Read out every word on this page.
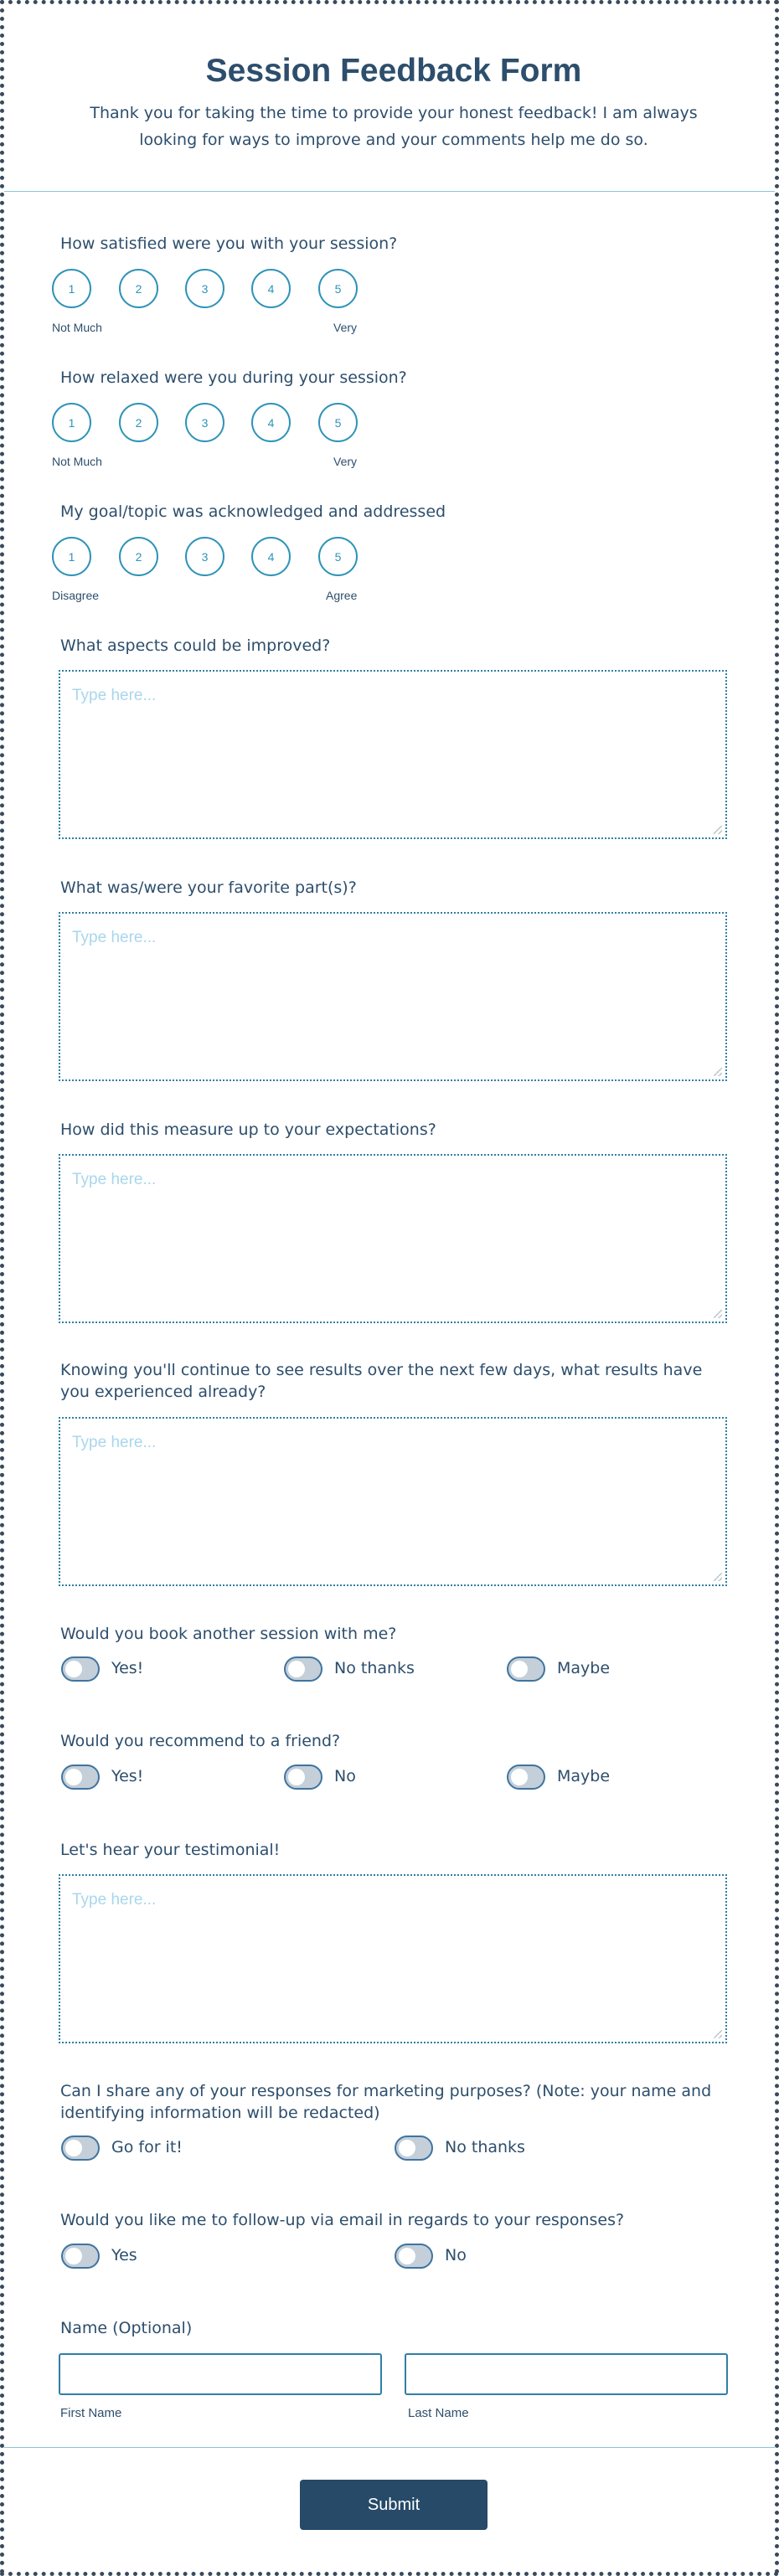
Session Feedback Form
Thank you for taking the time to provide your honest feedback! I am always looking for ways to improve and your comments help me do so.
How satisfied were you with your session?
1	2	3	4	5
Not Much	Very
How relaxed were you during your session?
1	2	3	4	5
Not Much	Very
My goal/topic was acknowledged and addressed
1	2	3	4	5
Disagree	Agree
What aspects could be improved?
Type here...
What was/were your favorite part(s)?
Type here...
How did this measure up to your expectations?
Type here...
Knowing you'll continue to see results over the next few days, what results have you experienced already?
Type here...
Would you book another session with me?
Yes!	No thanks	Maybe
Would you recommend to a friend?
Yes!	No	Maybe
Let's hear your testimonial!
Type here...
Can I share any of your responses for marketing purposes? (Note: your name and identifying information will be redacted)
Go for it!	No thanks
Would you like me to follow-up via email in regards to your responses?
Yes	No
Name (Optional)
First Name	Last Name
Submit
